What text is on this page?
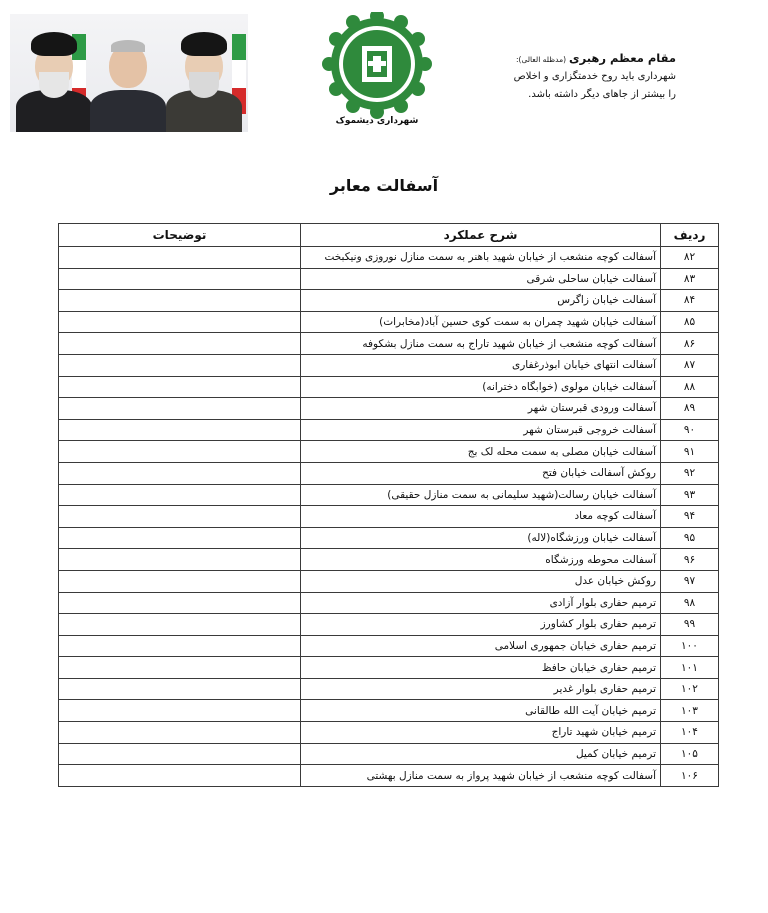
شهرداری دیشموک
مقام معظم رهبری(مدظله العالی):
شهرداری باید روح خدمتگزاری و اخلاص
را بیشتر از جاهای دیگر داشته باشد.
آسفالت معابر
ردیف	شرح عملکرد	توضیحات
۸۲	آسفالت کوچه منشعب از خیابان شهید باهنر به سمت منازل نوروزی ونیکبخت	
۸۳	آسفالت خیابان ساحلی شرقی	
۸۴	آسفالت خیابان زاگرس	
۸۵	آسفالت خیابان شهید چمران به سمت کوی حسین آباد(مخابرات)	
۸۶	آسفالت کوچه منشعب از خیابان شهید تاراج به سمت منازل بشکوفه	
۸۷	آسفالت انتهای خیابان ابوذرغفاری	
۸۸	آسفالت خیابان مولوی (خوابگاه دخترانه)	
۸۹	آسفالت ورودی قبرستان شهر	
۹۰	آسفالت خروجی قبرستان شهر	
۹۱	آسفالت خیابان مصلی به سمت محله لک بج	
۹۲	روکش آسفالت خیابان فتح	
۹۳	آسفالت خیابان رسالت(شهید سلیمانی به سمت منازل حقیقی)	
۹۴	آسفالت کوچه معاد	
۹۵	آسفالت خیابان ورزشگاه(لاله)	
۹۶	آسفالت محوطه ورزشگاه	
۹۷	روکش خیابان عدل	
۹۸	ترمیم حفاری بلوار آزادی	
۹۹	ترمیم حفاری بلوار کشاورز	
۱۰۰	ترمیم حفاری خیابان جمهوری اسلامی	
۱۰۱	ترمیم حفاری خیابان حافظ	
۱۰۲	ترمیم حفاری بلوار غدیر	
۱۰۳	ترمیم خیابان آیت الله طالقانی	
۱۰۴	ترمیم خیابان شهید تاراج	
۱۰۵	ترمیم خیابان کمیل	
۱۰۶	آسفالت کوچه منشعب از خیابان شهید پرواز به سمت منازل بهشتی	
